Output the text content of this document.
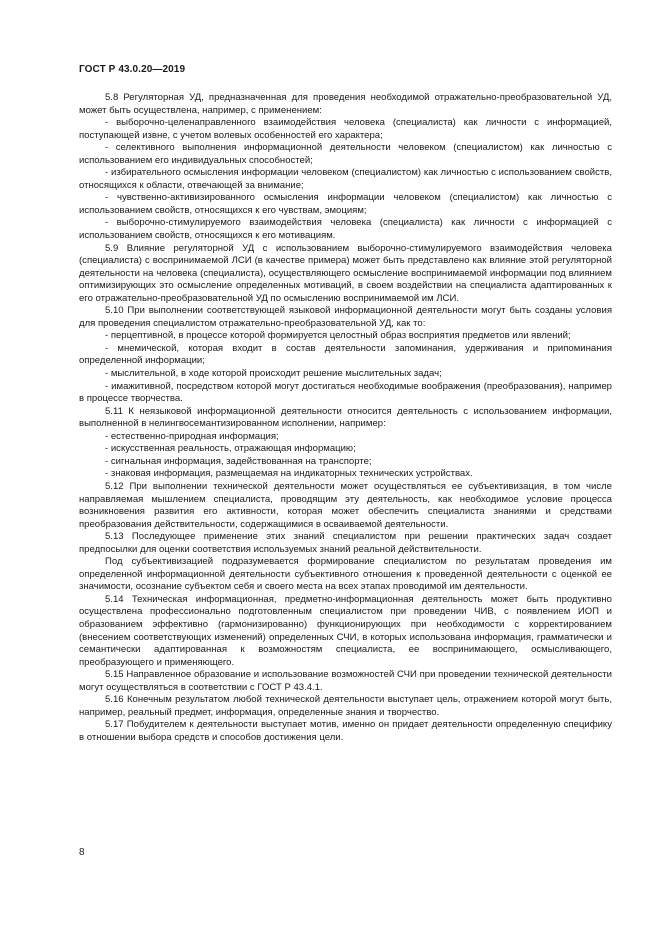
ГОСТ Р 43.0.20—2019

5.8 Регуляторная УД, предназначенная для проведения необходимой отражательно-преобразовательной УД, может быть осуществлена, например, с применением:

- выборочно-целенаправленного взаимодействия человека (специалиста) как личности с информацией, поступающей извне, с учетом волевых особенностей его характера;

- селективного выполнения информационной деятельности человеком (специалистом) как личностью с использованием его индивидуальных способностей;

- избирательного осмысления информации человеком (специалистом) как личностью с использованием свойств, относящихся к области, отвечающей за внимание;

- чувственно-активизированного осмысления информации человеком (специалистом) как личностью с использованием свойств, относящихся к его чувствам, эмоциям;

- выборочно-стимулируемого взаимодействия человека (специалиста) как личности с информацией с использованием свойств, относящихся к его мотивациям.

5.9 Влияние регуляторной УД с использованием выборочно-стимулируемого взаимодействия человека (специалиста) с воспринимаемой ЛСИ (в качестве примера) может быть представлено как влияние этой регуляторной деятельности на человека (специалиста), осуществляющего осмысление воспринимаемой информации под влиянием оптимизирующих это осмысление определенных мотиваций, в своем воздействии на специалиста адаптированных к его отражательно-преобразовательной УД по осмыслению воспринимаемой им ЛСИ.

5.10 При выполнении соответствующей языковой информационной деятельности могут быть созданы условия для проведения специалистом отражательно-преобразовательной УД, как то:

- перцептивной, в процессе которой формируется целостный образ восприятия предметов или явлений;

- мнемической, которая входит в состав деятельности запоминания, удерживания и припоминания определенной информации;

- мыслительной, в ходе которой происходит решение мыслительных задач;

- имажитивной, посредством которой могут достигаться необходимые воображения (преобразования), например в процессе творчества.

5.11 К неязыковой информационной деятельности относится деятельность с использованием информации, выполненной в нелингвосемантизированном исполнении, например:

- естественно-природная информация;

- искусственная реальность, отражающая информацию;

- сигнальная информация, задействованная на транспорте;

- знаковая информация, размещаемая на индикаторных технических устройствах.

5.12 При выполнении технической деятельности может осуществляться ее субъективизация, в том числе направляемая мышлением специалиста, проводящим эту деятельность, как необходимое условие процесса возникновения развития его активности, которая может обеспечить специалиста знаниями и средствами преобразования действительности, содержащимися в осваиваемой деятельности.

5.13 Последующее применение этих знаний специалистом при решении практических задач создает предпосылки для оценки соответствия используемых знаний реальной действительности.

Под субъективизацией подразумевается формирование специалистом по результатам проведения им определенной информационной деятельности субъективного отношения к проведенной деятельности с оценкой ее значимости, осознание субъектом себя и своего места на всех этапах проводимой им деятельности.

5.14 Техническая информационная, предметно-информационная деятельность может быть продуктивно осуществлена профессионально подготовленным специалистом при проведении ЧИВ, с появлением ИОП и образованием эффективно (гармонизированно) функционирующих при необходимости с корректированием (внесением соответствующих изменений) определенных СЧИ, в которых использована информация, грамматически и семантически адаптированная к возможностям специалиста, ее воспринимающего, осмысливающего, преобразующего и применяющего.

5.15 Направленное образование и использование возможностей СЧИ при проведении технической деятельности могут осуществляться в соответствии с ГОСТ Р 43.4.1.

5.16 Конечным результатом любой технической деятельности выступает цель, отражением которой могут быть, например, реальный предмет, информация, определенные знания и творчество.

5.17 Побудителем к деятельности выступает мотив, именно он придает деятельности определенную специфику в отношении выбора средств и способов достижения цели.

8
